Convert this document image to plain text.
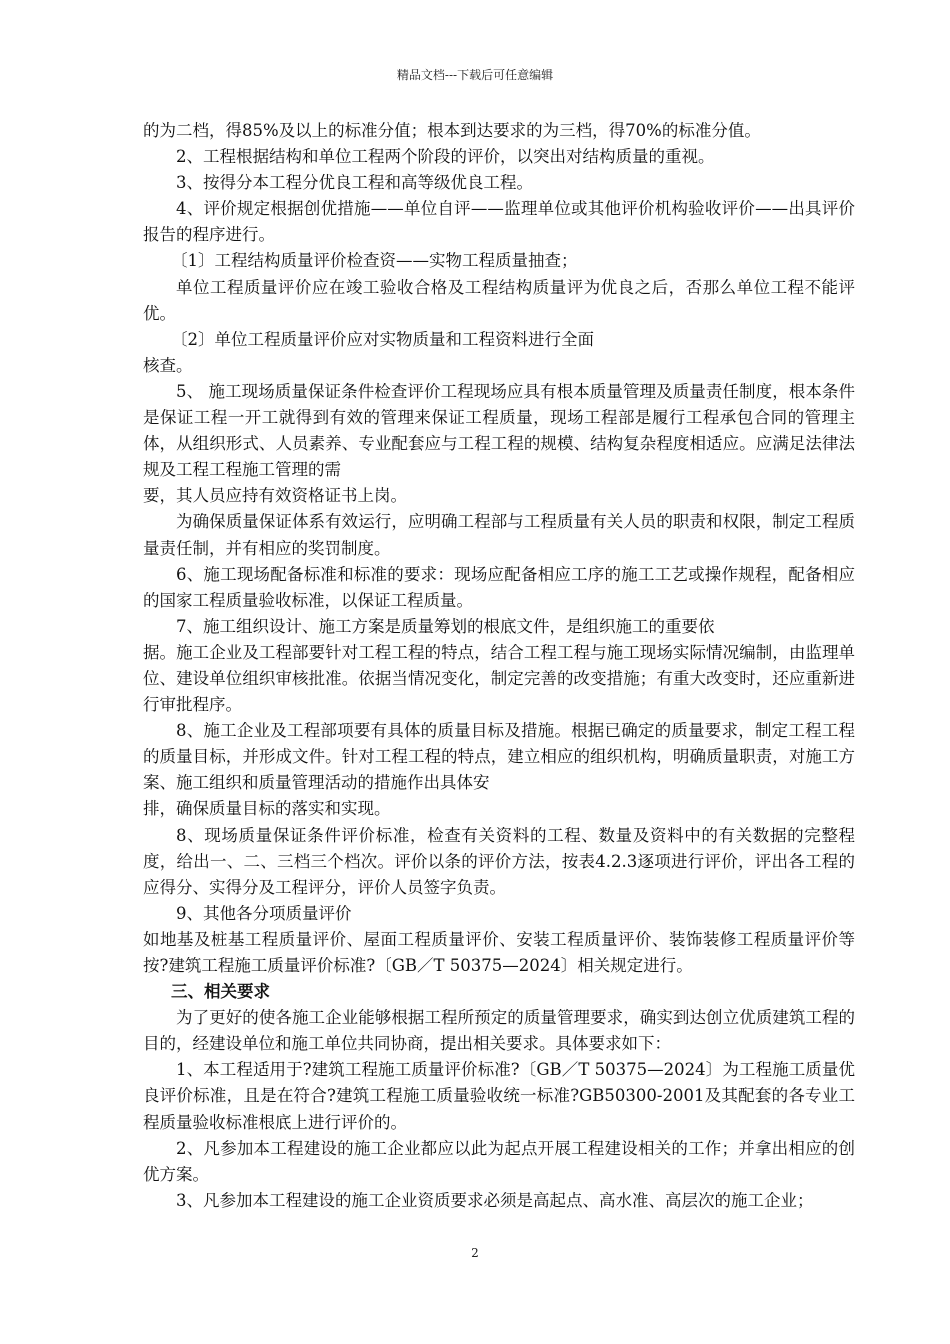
精品文档---下载后可任意编辑

的为二档，得85%及以上的标准分值；根本到达要求的为三档，得70%的标准分值。

2、工程根据结构和单位工程两个阶段的评价，以突出对结构质量的重视。

3、按得分本工程分优良工程和高等级优良工程。

4、评价规定根据创优措施——单位自评——监理单位或其他评价机构验收评价——出具评价报告的程序进行。

〔1〕工程结构质量评价检查资——实物工程质量抽查；

单位工程质量评价应在竣工验收合格及工程结构质量评为优良之后，否那么单位工程不能评优。

〔2〕单位工程质量评价应对实物质量和工程资料进行全面
核查。

5、 施工现场质量保证条件检查评价工程现场应具有根本质量管理及质量责任制度，根本条件是保证工程一开工就得到有效的管理来保证工程质量，现场工程部是履行工程承包合同的管理主体，从组织形式、人员素养、专业配套应与工程工程的规模、结构复杂程度相适应。应满足法律法规及工程工程施工管理的需
要，其人员应持有效资格证书上岗。

为确保质量保证体系有效运行，应明确工程部与工程质量有关人员的职责和权限，制定工程质量责任制，并有相应的奖罚制度。

6、施工现场配备标准和标准的要求：现场应配备相应工序的施工工艺或操作规程，配备相应的国家工程质量验收标准，以保证工程质量。

7、施工组织设计、施工方案是质量筹划的根底文件，是组织施工的重要依
据。施工企业及工程部要针对工程工程的特点，结合工程工程与施工现场实际情况编制，由监理单位、建设单位组织审核批准。依据当情况变化，制定完善的改变措施；有重大改变时，还应重新进行审批程序。

8、施工企业及工程部项要有具体的质量目标及措施。根据已确定的质量要求，制定工程工程的质量目标，并形成文件。针对工程工程的特点，建立相应的组织机构，明确质量职责，对施工方案、施工组织和质量管理活动的措施作出具体安
排，确保质量目标的落实和实现。

8、现场质量保证条件评价标准，检查有关资料的工程、数量及资料中的有关数据的完整程度，给出一、二、三档三个档次。评价以条的评价方法，按表4.2.3逐项进行评价，评出各工程的应得分、实得分及工程评分，评价人员签字负责。

9、其他各分项质量评价
如地基及桩基工程质量评价、屋面工程质量评价、安装工程质量评价、装饰装修工程质量评价等按?建筑工程施工质量评价标准?〔GB／T 50375—2024〕相关规定进行。

三、相关要求

为了更好的使各施工企业能够根据工程所预定的质量管理要求，确实到达创立优质建筑工程的目的，经建设单位和施工单位共同协商，提出相关要求。具体要求如下：

1、本工程适用于?建筑工程施工质量评价标准?〔GB／T 50375—2024〕为工程施工质量优良评价标准，且是在符合?建筑工程施工质量验收统一标准?GB50300-2001及其配套的各专业工程质量验收标准根底上进行评价的。

2、凡参加本工程建设的施工企业都应以此为起点开展工程建设相关的工作；并拿出相应的创优方案。

3、凡参加本工程建设的施工企业资质要求必须是高起点、高水准、高层次的施工企业；

2
